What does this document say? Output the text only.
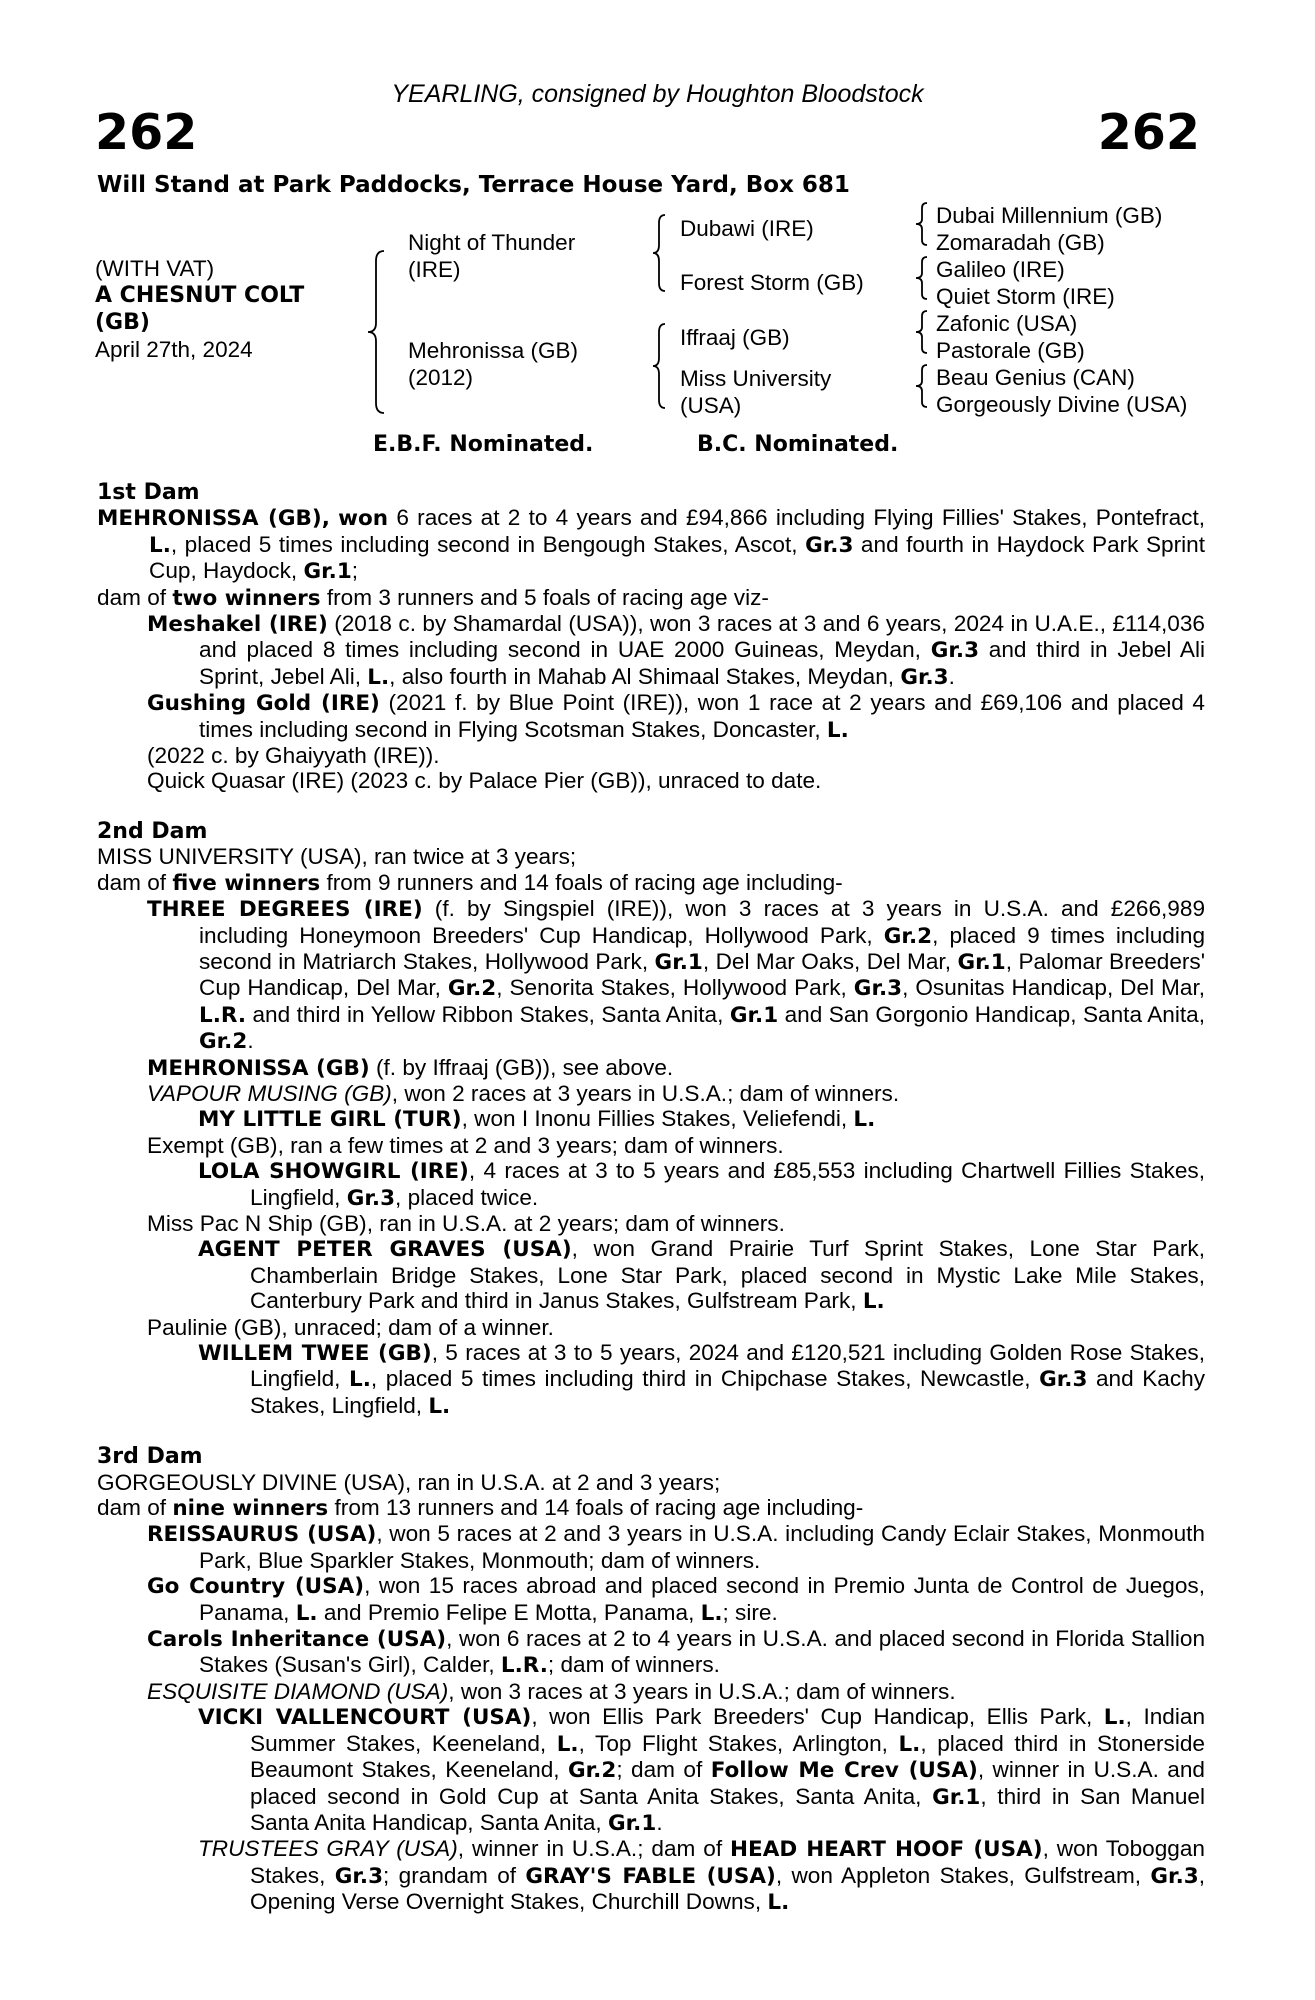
YEARLING, consigned by Houghton Bloodstock
262	262
Will Stand at Park Paddocks, Terrace House Yard, Box 681
(WITH VAT)
A CHESNUT COLT
(GB)
April 27th, 2024
Night of Thunder
(IRE)
Mehronissa (GB)
(2012)
Dubawi (IRE)
Forest Storm (GB)
Iffraaj (GB)
Miss University
(USA)
Dubai Millennium (GB)
Zomaradah (GB)
Galileo (IRE)
Quiet Storm (IRE)
Zafonic (USA)
Pastorale (GB)
Beau Genius (CAN)
Gorgeously Divine (USA)
E.B.F. Nominated.	B.C. Nominated.
1st Dam
MEHRONISSA (GB), won 6 races at 2 to 4 years and £94,866 including Flying Fillies' Stakes, Pontefract, L., placed 5 times including second in Bengough Stakes, Ascot, Gr.3 and fourth in Haydock Park Sprint Cup, Haydock, Gr.1;
dam of two winners from 3 runners and 5 foals of racing age viz-
Meshakel (IRE) (2018 c. by Shamardal (USA)), won 3 races at 3 and 6 years, 2024 in U.A.E., £114,036 and placed 8 times including second in UAE 2000 Guineas, Meydan, Gr.3 and third in Jebel Ali Sprint, Jebel Ali, L., also fourth in Mahab Al Shimaal Stakes, Meydan, Gr.3.
Gushing Gold (IRE) (2021 f. by Blue Point (IRE)), won 1 race at 2 years and £69,106 and placed 4 times including second in Flying Scotsman Stakes, Doncaster, L.
(2022 c. by Ghaiyyath (IRE)).
Quick Quasar (IRE) (2023 c. by Palace Pier (GB)), unraced to date.
2nd Dam
MISS UNIVERSITY (USA), ran twice at 3 years;
dam of five winners from 9 runners and 14 foals of racing age including-
THREE DEGREES (IRE) (f. by Singspiel (IRE)), won 3 races at 3 years in U.S.A. and £266,989 including Honeymoon Breeders' Cup Handicap, Hollywood Park, Gr.2, placed 9 times including second in Matriarch Stakes, Hollywood Park, Gr.1, Del Mar Oaks, Del Mar, Gr.1, Palomar Breeders' Cup Handicap, Del Mar, Gr.2, Senorita Stakes, Hollywood Park, Gr.3, Osunitas Handicap, Del Mar, L.R. and third in Yellow Ribbon Stakes, Santa Anita, Gr.1 and San Gorgonio Handicap, Santa Anita, Gr.2.
MEHRONISSA (GB) (f. by Iffraaj (GB)), see above.
VAPOUR MUSING (GB), won 2 races at 3 years in U.S.A.; dam of winners.
MY LITTLE GIRL (TUR), won I Inonu Fillies Stakes, Veliefendi, L.
Exempt (GB), ran a few times at 2 and 3 years; dam of winners.
LOLA SHOWGIRL (IRE), 4 races at 3 to 5 years and £85,553 including Chartwell Fillies Stakes, Lingfield, Gr.3, placed twice.
Miss Pac N Ship (GB), ran in U.S.A. at 2 years; dam of winners.
AGENT PETER GRAVES (USA), won Grand Prairie Turf Sprint Stakes, Lone Star Park, Chamberlain Bridge Stakes, Lone Star Park, placed second in Mystic Lake Mile Stakes, Canterbury Park and third in Janus Stakes, Gulfstream Park, L.
Paulinie (GB), unraced; dam of a winner.
WILLEM TWEE (GB), 5 races at 3 to 5 years, 2024 and £120,521 including Golden Rose Stakes, Lingfield, L., placed 5 times including third in Chipchase Stakes, Newcastle, Gr.3 and Kachy Stakes, Lingfield, L.
3rd Dam
GORGEOUSLY DIVINE (USA), ran in U.S.A. at 2 and 3 years;
dam of nine winners from 13 runners and 14 foals of racing age including-
REISSAURUS (USA), won 5 races at 2 and 3 years in U.S.A. including Candy Eclair Stakes, Monmouth Park, Blue Sparkler Stakes, Monmouth; dam of winners.
Go Country (USA), won 15 races abroad and placed second in Premio Junta de Control de Juegos, Panama, L. and Premio Felipe E Motta, Panama, L.; sire.
Carols Inheritance (USA), won 6 races at 2 to 4 years in U.S.A. and placed second in Florida Stallion Stakes (Susan's Girl), Calder, L.R.; dam of winners.
ESQUISITE DIAMOND (USA), won 3 races at 3 years in U.S.A.; dam of winners.
VICKI VALLENCOURT (USA), won Ellis Park Breeders' Cup Handicap, Ellis Park, L., Indian Summer Stakes, Keeneland, L., Top Flight Stakes, Arlington, L., placed third in Stonerside Beaumont Stakes, Keeneland, Gr.2; dam of Follow Me Crev (USA), winner in U.S.A. and placed second in Gold Cup at Santa Anita Stakes, Santa Anita, Gr.1, third in San Manuel Santa Anita Handicap, Santa Anita, Gr.1.
TRUSTEES GRAY (USA), winner in U.S.A.; dam of HEAD HEART HOOF (USA), won Toboggan Stakes, Gr.3; grandam of GRAY'S FABLE (USA), won Appleton Stakes, Gulfstream, Gr.3, Opening Verse Overnight Stakes, Churchill Downs, L.
